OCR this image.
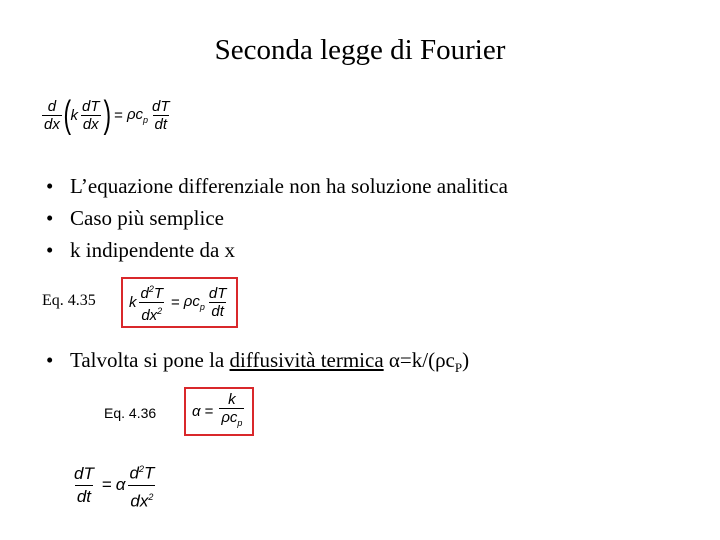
Seconda legge di Fourier
$\frac{d}{dx}$ ( k $\frac{dT}{dx}$ ) = $\rho c_p \frac{dT}{dt}$
• L’equazione differenziale non ha soluzione analitica
• Caso più semplice
• k indipendente da x
Eq. 4.35 k $\frac{d^2T}{dx^2} = \rho c_p \frac{dT}{dt}$
• Talvolta si pone la diffusività termica $\alpha=k/(\rho c_P)$
Eq. 4.36 $\alpha = \frac{k}{\rho c_p}$
$\frac{dT}{dt} = \alpha \frac{d^2T}{dx^2}$
